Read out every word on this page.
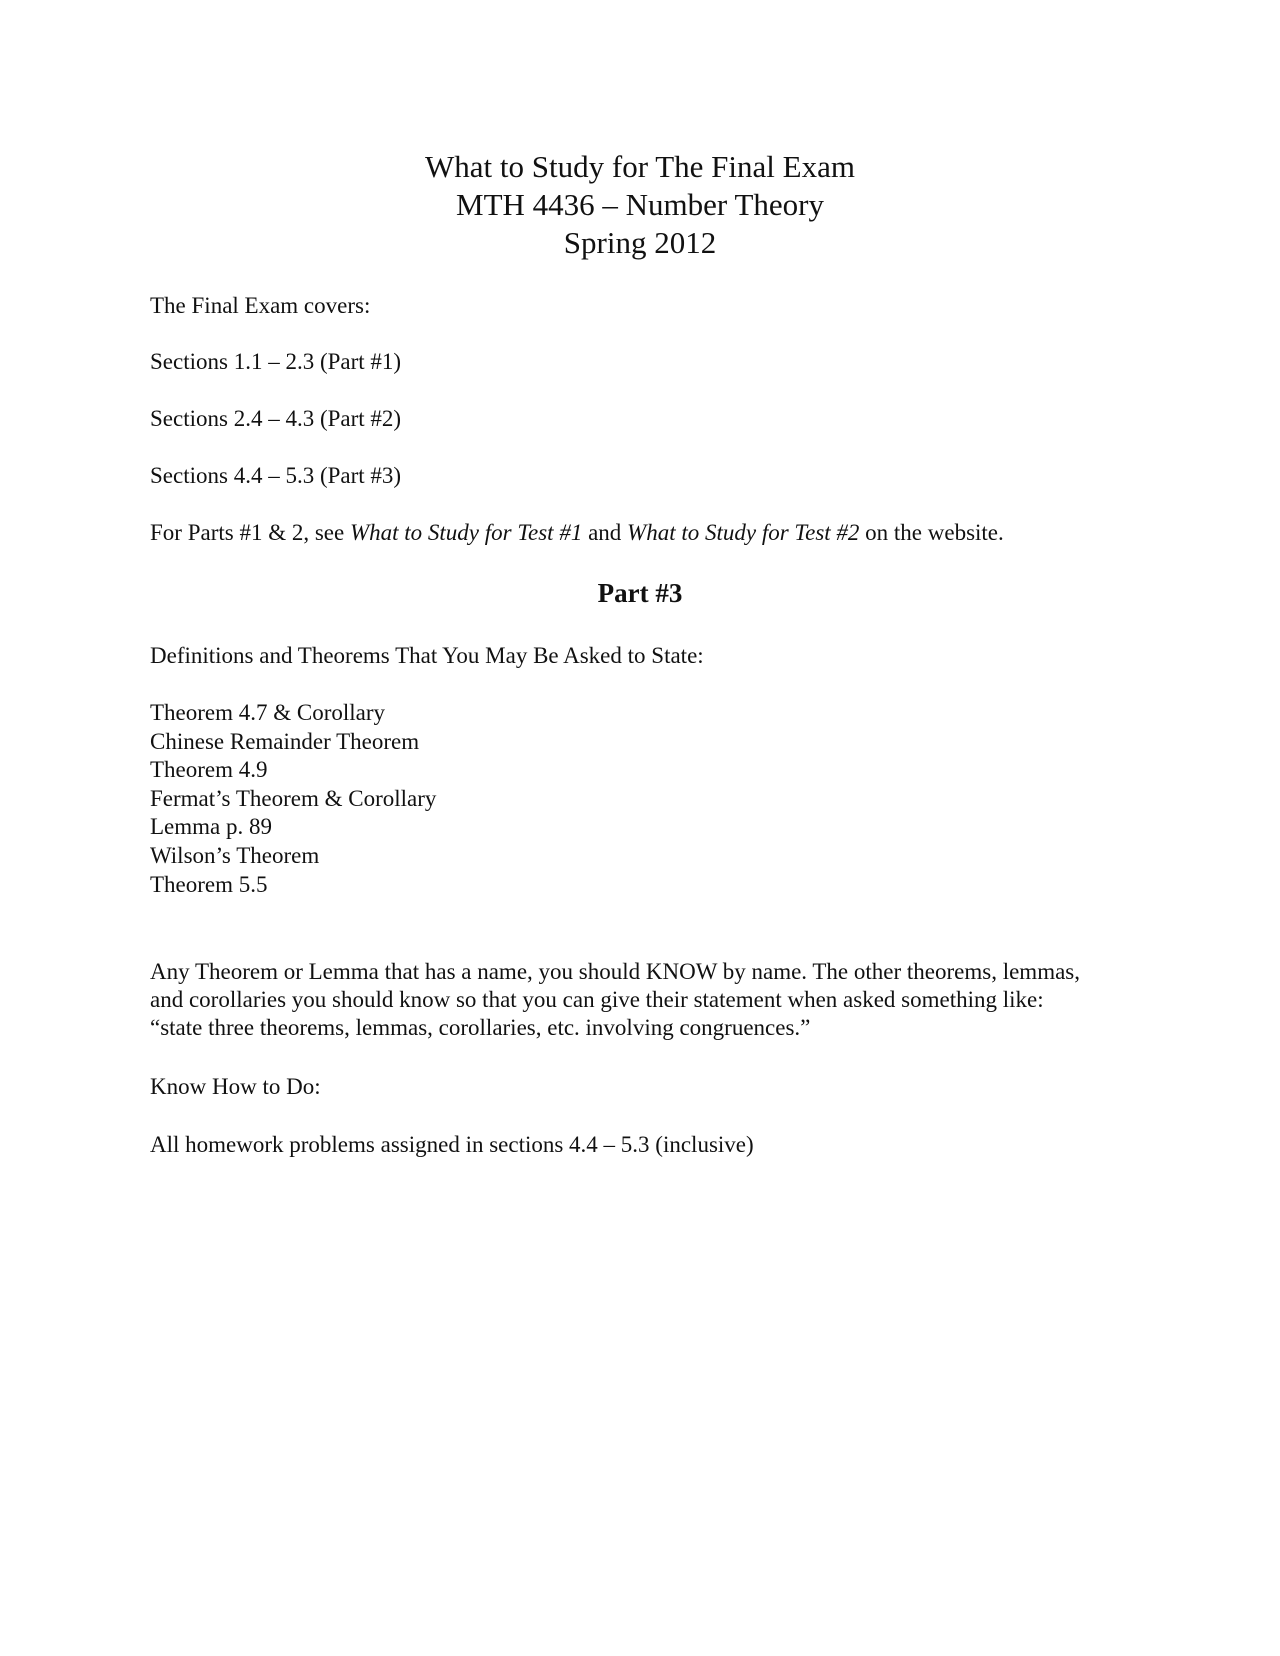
What to Study for The Final Exam
MTH 4436 – Number Theory
Spring 2012
The Final Exam covers:
Sections 1.1 – 2.3 (Part #1)
Sections 2.4 – 4.3 (Part #2)
Sections 4.4 – 5.3 (Part #3)
For Parts #1 & 2, see What to Study for Test #1 and What to Study for Test #2 on the website.
Part #3
Definitions and Theorems That You May Be Asked to State:
Theorem 4.7 & Corollary
Chinese Remainder Theorem
Theorem 4.9
Fermat’s Theorem & Corollary
Lemma p. 89
Wilson’s Theorem
Theorem 5.5
Any Theorem or Lemma that has a name, you should KNOW by name. The other theorems, lemmas, and corollaries you should know so that you can give their statement when asked something like: “state three theorems, lemmas, corollaries, etc. involving congruences.”
Know How to Do:
All homework problems assigned in sections 4.4 – 5.3 (inclusive)
